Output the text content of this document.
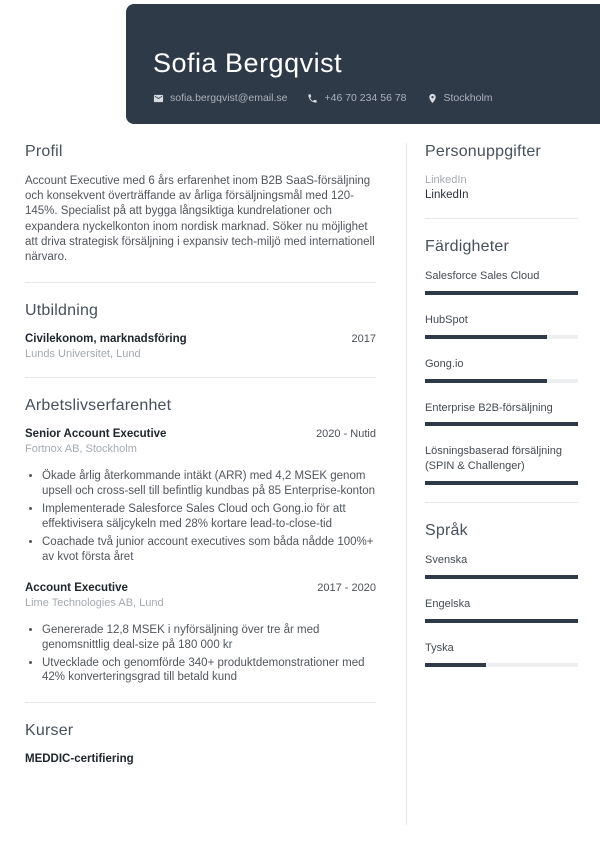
Sofia Bergqvist
sofia.bergqvist@email.se	+46 70 234 56 78	Stockholm
Profil

Account Executive med 6 års erfarenhet inom B2B SaaS-försäljning och konsekvent överträffande av årliga försäljningsmål med 120-145%. Specialist på att bygga långsiktiga kundrelationer och expandera nyckelkonton inom nordisk marknad. Söker nu möjlighet att driva strategisk försäljning i expansiv tech-miljö med internationell närvaro.

Utbildning
Civilekonom, marknadsföring	2017
Lunds Universitet, Lund
Arbetslivserfarenhet
Senior Account Executive	2020 - Nutid
Fortnox AB, Stockholm
• Ökade årlig återkommande intäkt (ARR) med 4,2 MSEK genom upsell och cross-sell till befintlig kundbas på 85 Enterprise-konton
• Implementerade Salesforce Sales Cloud och Gong.io för att effektivisera säljcykeln med 28% kortare lead-to-close-tid
• Coachade två junior account executives som båda nådde 100%+ av kvot första året
Account Executive	2017 - 2020
Lime Technologies AB, Lund
• Genererade 12,8 MSEK i nyförsäljning över tre år med genomsnittlig deal-size på 180 000 kr
• Utvecklade och genomförde 340+ produktdemonstrationer med 42% konverteringsgrad till betald kund
Kurser
MEDDIC-certifiering
Personuppgifter
LinkedIn
LinkedIn
Färdigheter
Salesforce Sales Cloud
HubSpot
Gong.io
Enterprise B2B-försäljning
Lösningsbaserad försäljning (SPIN & Challenger)
Språk
Svenska
Engelska
Tyska
